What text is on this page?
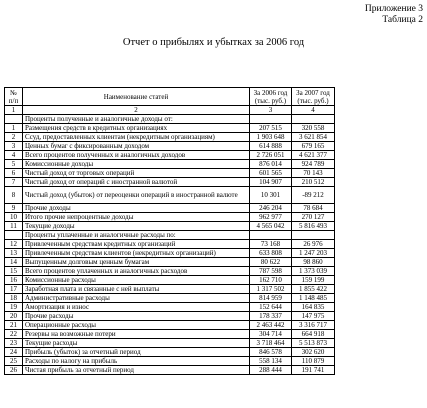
Приложение 3
Таблица 2
Отчет о прибылях и убытках за 2006 год
№ п/п	Наименование статей	За 2006 год (тыс. руб.)	За 2007 год (тыс. руб.)
1	2	3	4
	Проценты полученные и аналогичные доходы от:		
1	Размещения средств в кредитных организациях	207 515	320 558
2	Ссуд, предоставленных клиентам (некредитным организациям)	1 903 648	3 621 854
3	Ценных бумаг с фиксированным доходом	614 888	679 165
4	Всего процентов полученных и аналогичных доходов	2 726 051	4 621 377
5	Комиссионные доходы	876 014	924 789
6	Чистый доход от торговых операций	601 565	70 143
7	Чистый доход от операций с иностранной валютой	104 907	210 512
8	Чистый доход (убыток) от переоценки операций в иностранной валюте	10 301	-89 212
9	Прочие доходы	246 204	78 684
10	Итого прочие непроцентные доходы	962 977	270 127
11	Текущие доходы	4 565 042	5 816 493
	Проценты уплаченные и аналогичные расходы по:		
12	Привлеченным средствам кредитных организаций	73 168	26 976
13	Привлеченным средствам клиентов (некредитных организаций)	633 808	1 247 203
14	Выпущенным долговым ценным бумагам	80 622	98 860
15	Всего процентов уплаченных и аналогичных расходов	787 598	1 373 039
16	Комиссионные расходы	162 710	159 199
17	Заработная плата и связанные с ней выплаты	1 317 502	1 855 422
18	Административные расходы	814 959	1 148 485
19	Амортизация и износ	152 644	164 835
20	Прочие расходы	178 337	147 975
21	Операционные расходы	2 463 442	3 316 717
22	Резервы на возможные потери	304 714	664 918
23	Текущие расходы	3 718 464	5 513 873
24	Прибыль (убыток) за отчетный период	846 578	302 620
25	Расходы по налогу на прибыль	558 134	110 879
26	Чистая прибыль за отчетный период	288 444	191 741
